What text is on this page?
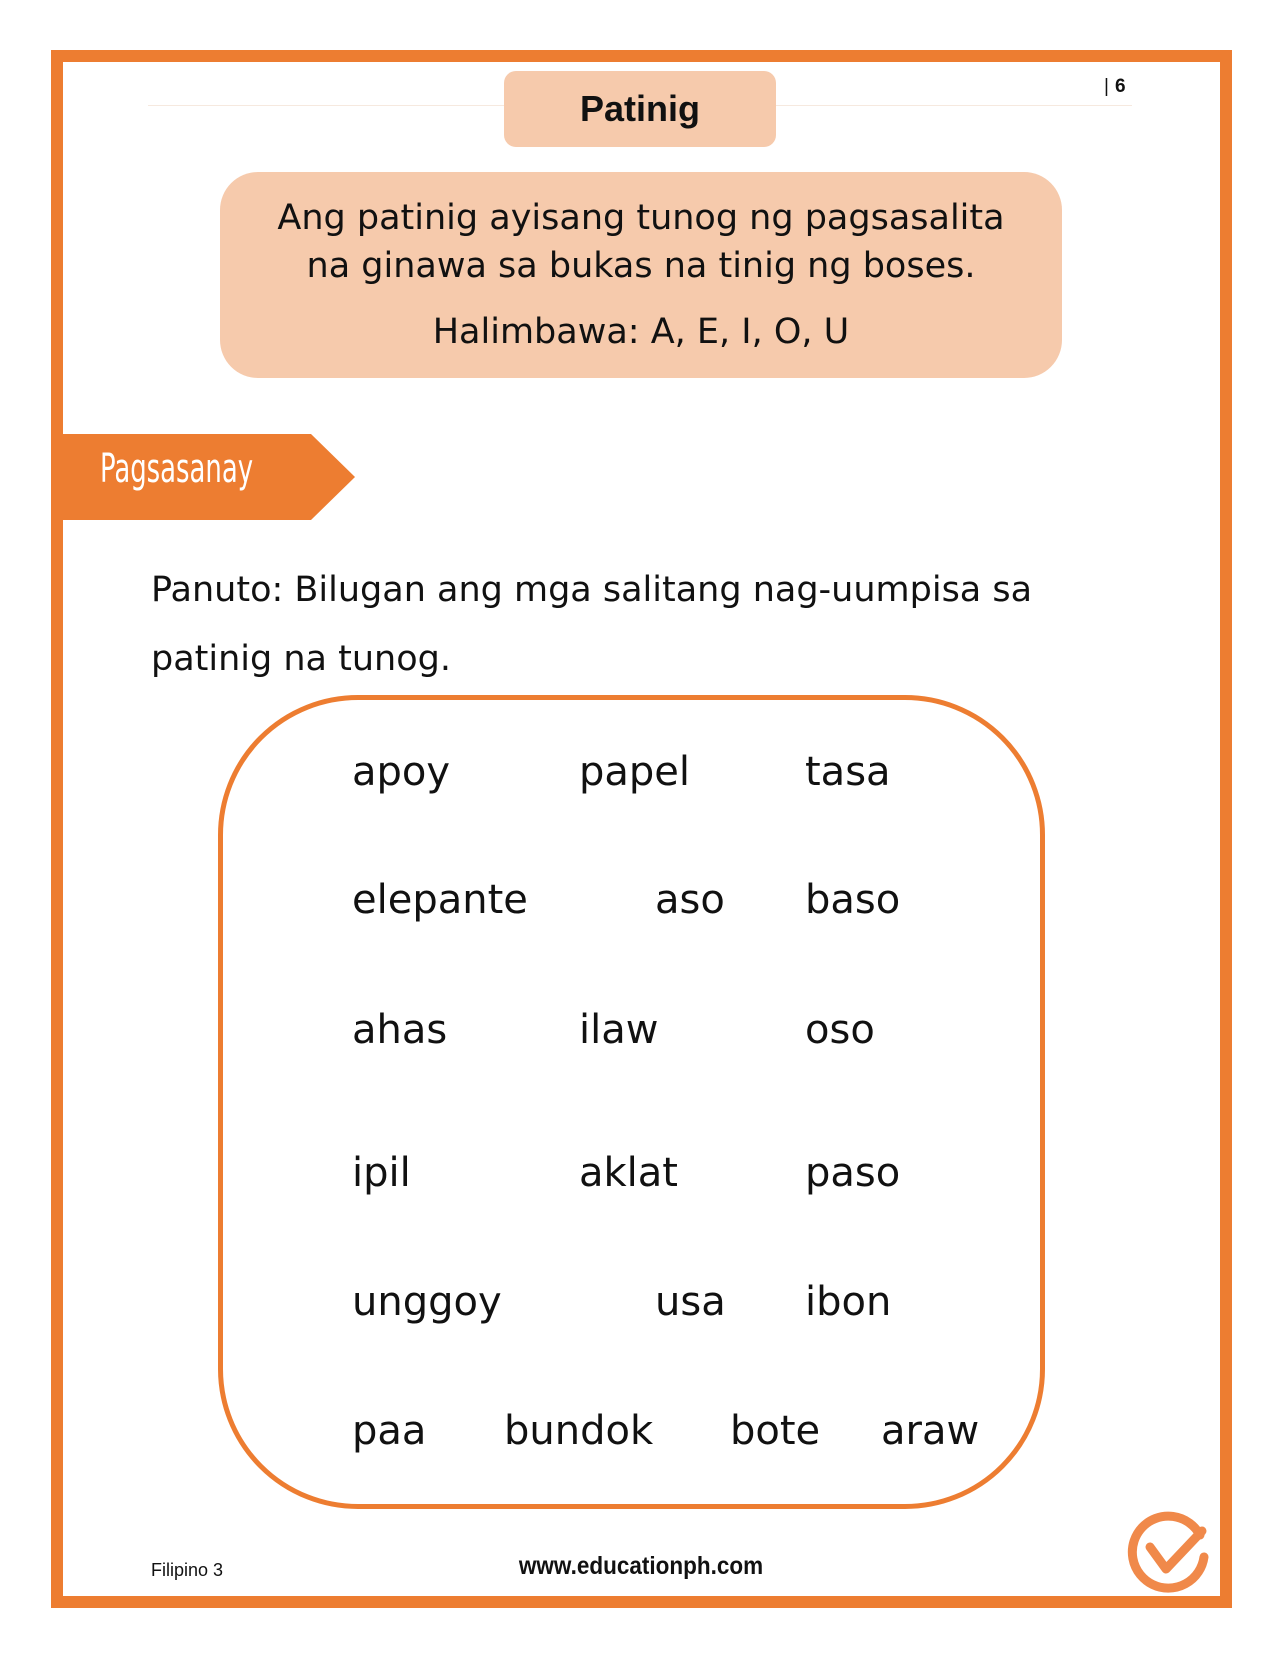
Patinig
| 6
Ang patinig ayisang tunog ng pagsasalita
na ginawa sa bukas na tinig ng boses.
Halimbawa: A, E, I, O, U
Pagsasanay
Panuto: Bilugan ang mga salitang nag-uumpisa sa patinig na tunog.
apoy	papel	tasa
elepante	aso baso
ahas	ilaw	oso
ipil	aklat	paso
unggoy	usa ibon
paa bundok bote araw
Filipino 3	www.educationph.com
